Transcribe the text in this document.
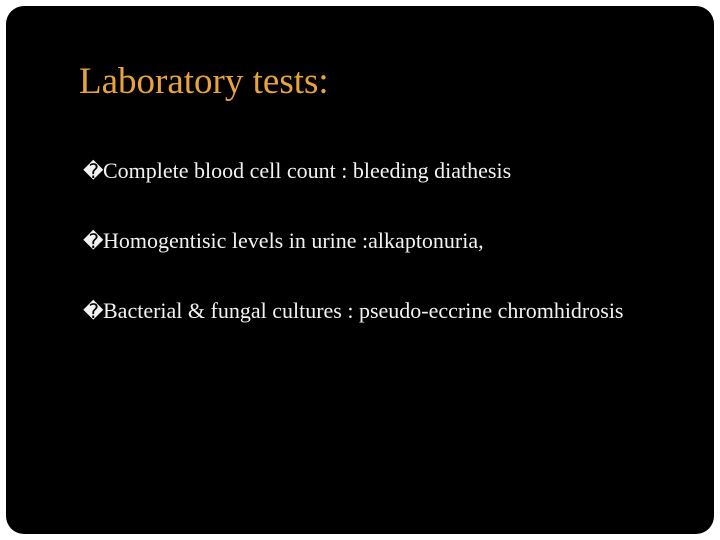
Laboratory tests:
� Complete blood cell count : bleeding diathesis
� Homogentisic levels in urine :alkaptonuria,
� Bacterial & fungal cultures : pseudo-eccrine chromhidrosis
